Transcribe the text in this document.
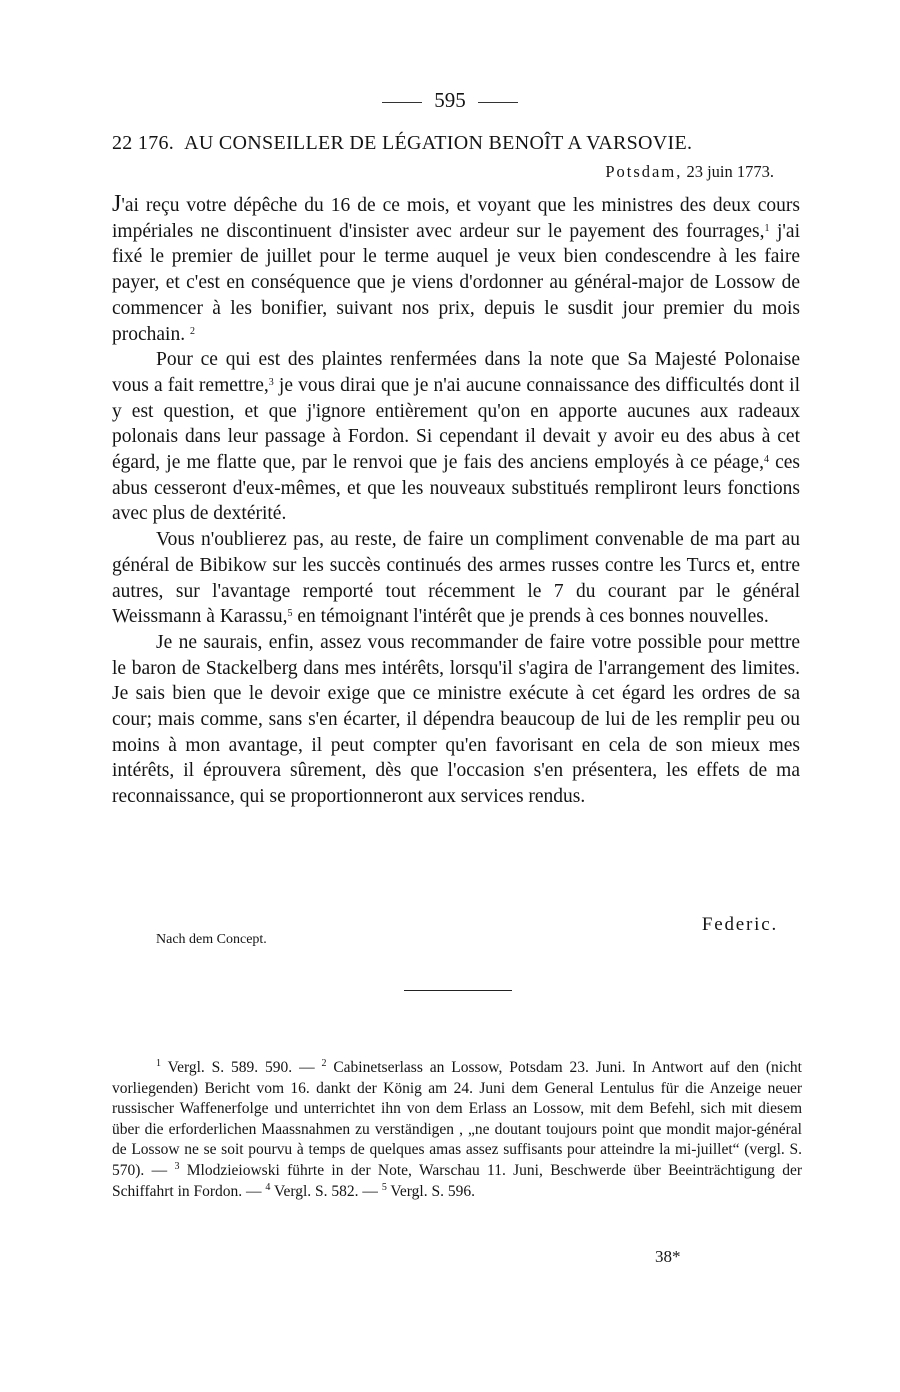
595
22 176. AU CONSEILLER DE LÉGATION BENOÎT A VARSOVIE.
Potsdam, 23 juin 1773.

J'ai reçu votre dépêche du 16 de ce mois, et voyant que les ministres des deux cours impériales ne discontinuent d'insister avec ardeur sur le payement des fourrages,$^1$ j'ai fixé le premier de juillet pour le terme auquel je veux bien condescendre à les faire payer, et c'est en conséquence que je viens d'ordonner au général-major de Lossow de commencer à les bonifier, suivant nos prix, depuis le susdit jour premier du mois prochain. $^2$

Pour ce qui est des plaintes renfermées dans la note que Sa Majesté Polonaise vous a fait remettre,$^3$ je vous dirai que je n'ai aucune connaissance des difficultés dont il y est question, et que j'ignore entièrement qu'on en apporte aucunes aux radeaux polonais dans leur passage à Fordon. Si cependant il devait y avoir eu des abus à cet égard, je me flatte que, par le renvoi que je fais des anciens employés à ce péage,$^4$ ces abus cesseront d'eux-mêmes, et que les nouveaux substitués rempliront leurs fonctions avec plus de dextérité.

Vous n'oublierez pas, au reste, de faire un compliment convenable de ma part au général de Bibikow sur les succès continués des armes russes contre les Turcs et, entre autres, sur l'avantage remporté tout récemment le 7 du courant par le général Weissmann à Karassu,$^5$ en témoignant l'intérêt que je prends à ces bonnes nouvelles.

Je ne saurais, enfin, assez vous recommander de faire votre possible pour mettre le baron de Stackelberg dans mes intérêts, lorsqu'il s'agira de l'arrangement des limites. Je sais bien que le devoir exige que ce ministre exécute à cet égard les ordres de sa cour; mais comme, sans s'en écarter, il dépendra beaucoup de lui de les remplir peu ou moins à mon avantage, il peut compter qu'en favorisant en cela de son mieux mes intérêts, il éprouvera sûrement, dès que l'occasion s'en présentera, les effets de ma reconnaissance, qui se proportionneront aux services rendus.

Federic.
Nach dem Concept.

$^1$ Vergl. S. 589. 590. — $^2$ Cabinetserlass an Lossow, Potsdam 23. Juni. In Antwort auf den (nicht vorliegenden) Bericht vom 16. dankt der König am 24. Juni dem General Lentulus für die Anzeige neuer russischer Waffenerfolge und unterrichtet ihn von dem Erlass an Lossow, mit dem Befehl, sich mit diesem über die erforderlichen Maassnahmen zu verständigen , „ne doutant toujours point que mondit major-général de Lossow ne se soit pourvu à temps de quelques amas assez suffisants pour atteindre la mi-juillet“ (vergl. S. 570). — $^3$ Mlodzieiowski führte in der Note, Warschau 11. Juni, Beschwerde über Beeinträchtigung der Schiffahrt in Fordon. — $^4$ Vergl. S. 582. — $^5$ Vergl. S. 596.

38*
